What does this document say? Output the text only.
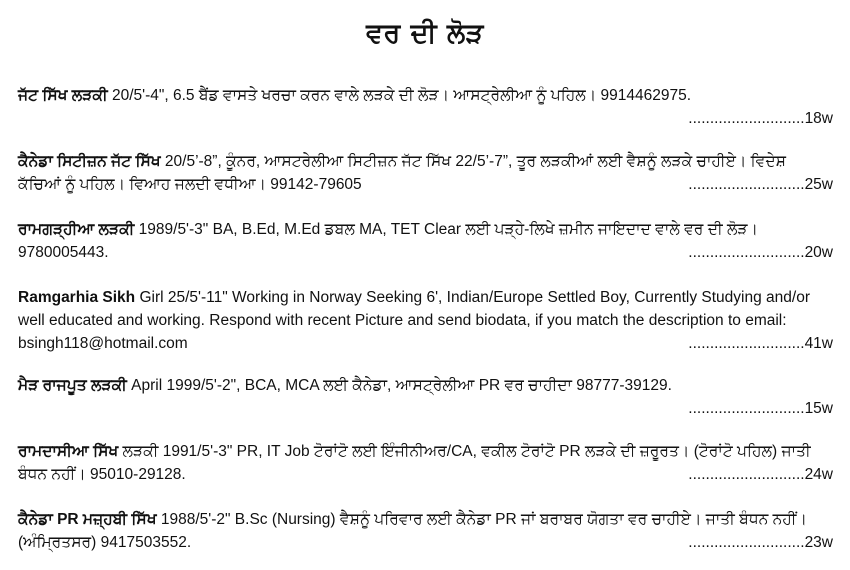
ਵਰ ਦੀ ਲੋੜ
ਜੱਟ ਸਿੱਖ ਲੜਕੀ 20/5'-4", 6.5 ਬੈਂਡ ਵਾਸਤੇ ਖਰਚਾ ਕਰਨ ਵਾਲੇ ਲੜਕੇ ਦੀ ਲੋੜ। ਆਸਟ੍ਰੇਲੀਆ ਨੂੰ ਪਹਿਲ। 9914462975.
...........................18w
ਕੈਨੇਡਾ ਸਿਟੀਜ਼ਨ ਜੱਟ ਸਿੱਖ 20/5’-8”, ਕੂੰਨਰ, ਆਸਟਰੇਲੀਆ ਸਿਟੀਜ਼ਨ ਜੱਟ ਸਿੱਖ 22/5’-7”, ਤੂਰ ਲੜਕੀਆਂ ਲਈ ਵੈਸ਼ਨੂੰ ਲੜਕੇ ਚਾਹੀਏ। ਵਿਦੇਸ਼ ਕੱਚਿਆਂ ਨੂੰ ਪਹਿਲ। ਵਿਆਹ ਜਲਦੀ ਵਧੀਆ। 99142-79605	...........................25w
ਰਾਮਗੜ੍ਹੀਆ ਲੜਕੀ 1989/5'-3" BA, B.Ed, M.Ed ਡਬਲ MA, TET Clear ਲਈ ਪੜ੍ਹੇ-ਲਿਖੇ ਜ਼ਮੀਨ ਜਾਇਦਾਦ ਵਾਲੇ ਵਰ ਦੀ ਲੋੜ। 9780005443.	...........................20w
Ramgarhia Sikh Girl 25/5'-11" Working in Norway Seeking 6', Indian/Europe Settled Boy, Currently Studying and/or well educated and working. Respond with recent Picture and send biodata, if you match the description to email: bsingh118@hotmail.com	...........................41w
ਮੈੜ ਰਾਜਪੂਤ ਲੜਕੀ April 1999/5'-2", BCA, MCA ਲਈ ਕੈਨੇਡਾ, ਆਸਟ੍ਰੇਲੀਆ PR ਵਰ ਚਾਹੀਦਾ 98777-39129.
...........................15w
ਰਾਮਦਾਸੀਆ ਸਿੱਖ ਲੜਕੀ 1991/5'-3" PR, IT Job ਟੋਰਾਂਟੋ ਲਈ ਇੰਜੀਨੀਅਰ/CA, ਵਕੀਲ ਟੋਰਾਂਟੋ PR ਲੜਕੇ ਦੀ ਜ਼ਰੂਰਤ। (ਟੋਰਾਂਟੋ ਪਹਿਲ) ਜਾਤੀ ਬੰਧਨ ਨਹੀਂ। 95010-29128.	...........................24w
ਕੈਨੇਡਾ PR ਮਜ਼੍ਹਬੀ ਸਿੱਖ 1988/5'-2" B.Sc (Nursing) ਵੈਸ਼ਨੂੰ ਪਰਿਵਾਰ ਲਈ ਕੈਨੇਡਾ PR ਜਾਂ ਬਰਾਬਰ ਯੋਗਤਾ ਵਰ ਚਾਹੀਏ। ਜਾਤੀ ਬੰਧਨ ਨਹੀਂ। (ਅੰਮ੍ਰਿਤਸਰ) 9417503552.	...........................23w
